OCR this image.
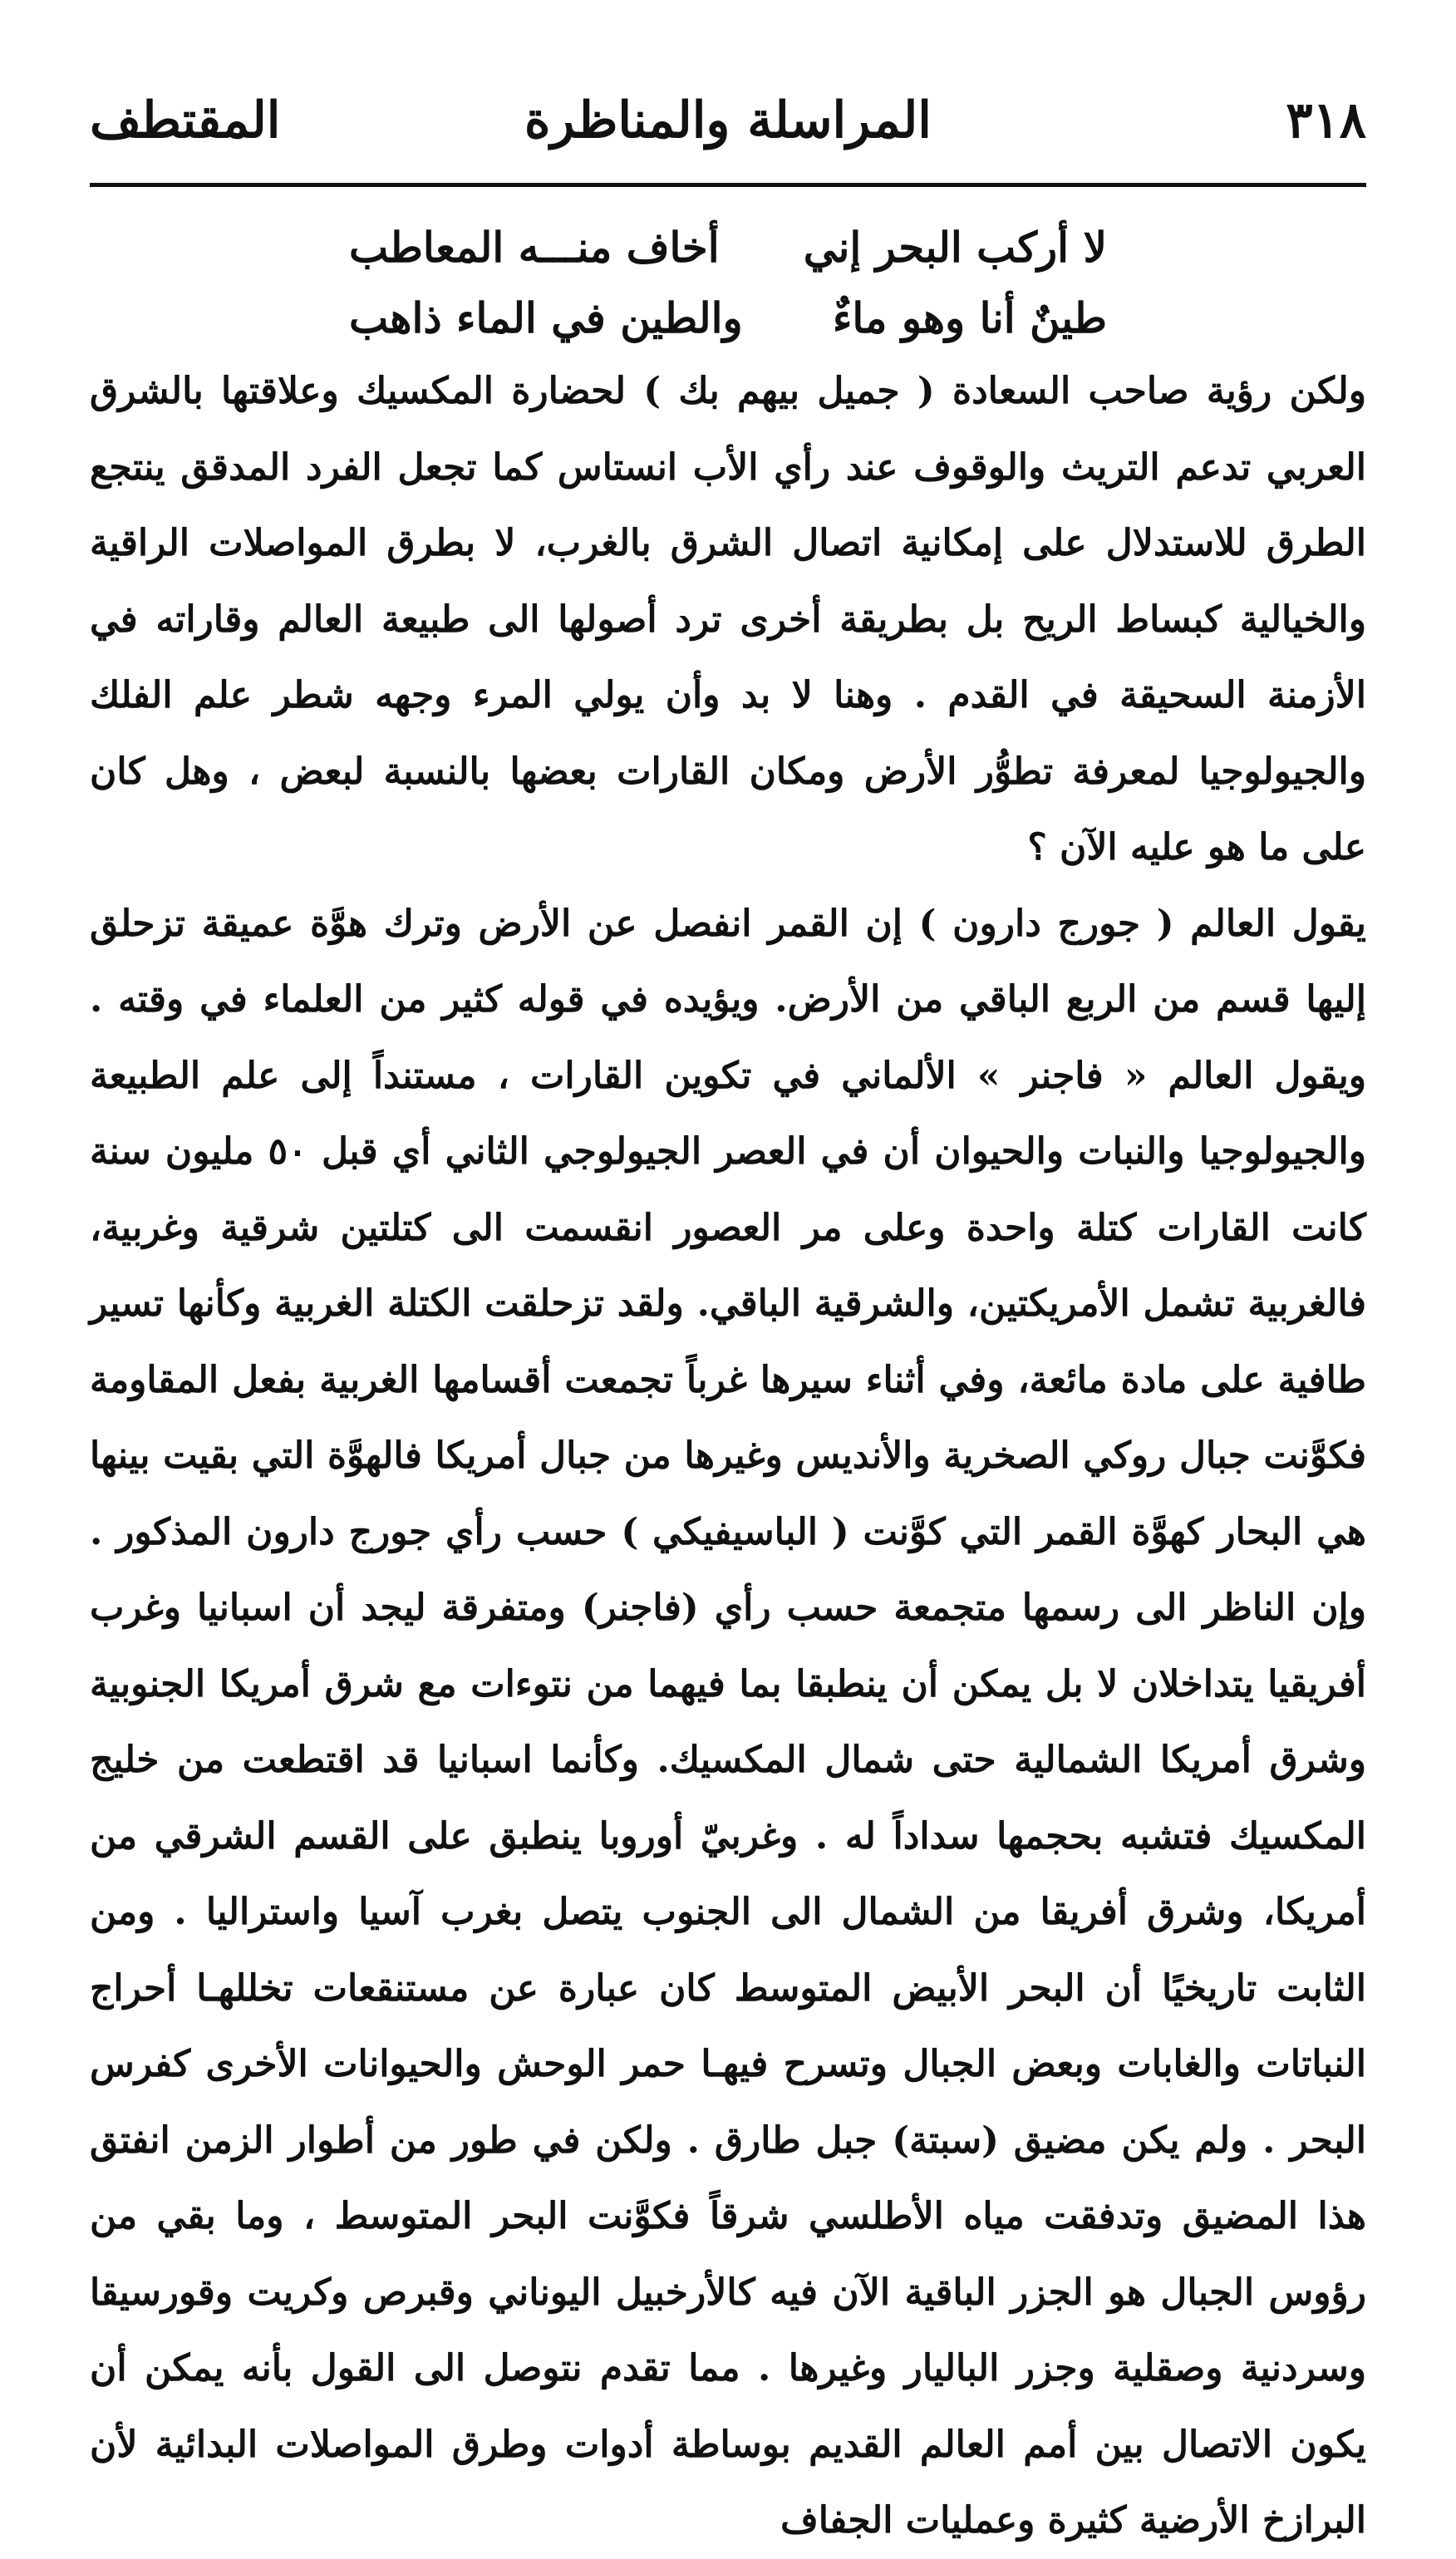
٣١٨
المراسلة والمناظرة
المقتطف
لا أركب البحر إني
أخاف منـــه المعاطب
طينٌ أنا وهو ماءٌ
والطين في الماء ذاهب

ولكن رؤية صاحب السعادة ( جميل بيهم بك ) لحضارة المكسيك وعلاقتها بالشرق العربي تدعم التريث والوقوف عند رأي الأب انستاس كما تجعل الفرد المدقق ينتجع الطرق للاستدلال على إمكانية اتصال الشرق بالغرب، لا بطرق المواصلات الراقية والخيالية كبساط الريح بل بطريقة أخرى ترد أصولها الى طبيعة العالم وقاراته في الأزمنة السحيقة في القدم . وهنا لا بد وأن يولي المرء وجهه شطر علم الفلك والجيولوجيا لمعرفة تطوُّر الأرض ومكان القارات بعضها بالنسبة لبعض ، وهل كان على ما هو عليه الآن ؟

يقول العالم ( جورج دارون ) إن القمر انفصل عن الأرض وترك هوَّة عميقة تزحلق إليها قسم من الربع الباقي من الأرض. ويؤيده في قوله كثير من العلماء في وقته . ويقول العالم « فاجنر » الألماني في تكوين القارات ، مستنداً إلى علم الطبيعة والجيولوجيا والنبات والحيوان أن في العصر الجيولوجي الثاني أي قبل ٥٠ مليون سنة كانت القارات كتلة واحدة وعلى مر العصور انقسمت الى كتلتين شرقية وغربية، فالغربية تشمل الأمريكتين، والشرقية الباقي. ولقد تزحلقت الكتلة الغربية وكأنها تسير طافية على مادة مائعة، وفي أثناء سيرها غرباً تجمعت أقسامها الغربية بفعل المقاومة فكوَّنت جبال روكي الصخرية والأنديس وغيرها من جبال أمريكا فالهوَّة التي بقيت بينها هي البحار كهوَّة القمر التي كوَّنت ( الباسيفيكي ) حسب رأي جورج دارون المذكور . وإن الناظر الى رسمها متجمعة حسب رأي (فاجنر) ومتفرقة ليجد أن اسبانيا وغرب أفريقيا يتداخلان لا بل يمكن أن ينطبقا بما فيهما من نتوءات مع شرق أمريكا الجنوبية وشرق أمريكا الشمالية حتى شمال المكسيك. وكأنما اسبانيا قد اقتطعت من خليج المكسيك فتشبه بحجمها سداداً له . وغربيّ أوروبا ينطبق على القسم الشرقي من أمريكا، وشرق أفريقا من الشمال الى الجنوب يتصل بغرب آسيا واستراليا . ومن الثابت تاريخيًا أن البحر الأبيض المتوسط كان عبارة عن مستنقعات تخللهـا أحراج النباتات والغابات وبعض الجبال وتسرح فيهـا حمر الوحش والحيوانات الأخرى كفرس البحر . ولم يكن مضيق (سبتة) جبل طارق . ولكن في طور من أطوار الزمن انفتق هذا المضيق وتدفقت مياه الأطلسي شرقاً فكوَّنت البحر المتوسط ، وما بقي من رؤوس الجبال هو الجزر الباقية الآن فيه كالأرخبيل اليوناني وقبرص وكريت وقورسيقا وسردنية وصقلية وجزر الباليار وغيرها . مما تقدم نتوصل الى القول بأنه يمكن أن يكون الاتصال بين أمم العالم القديم بوساطة أدوات وطرق المواصلات البدائية لأن البرازخ الأرضية كثيرة وعمليات الجفاف
